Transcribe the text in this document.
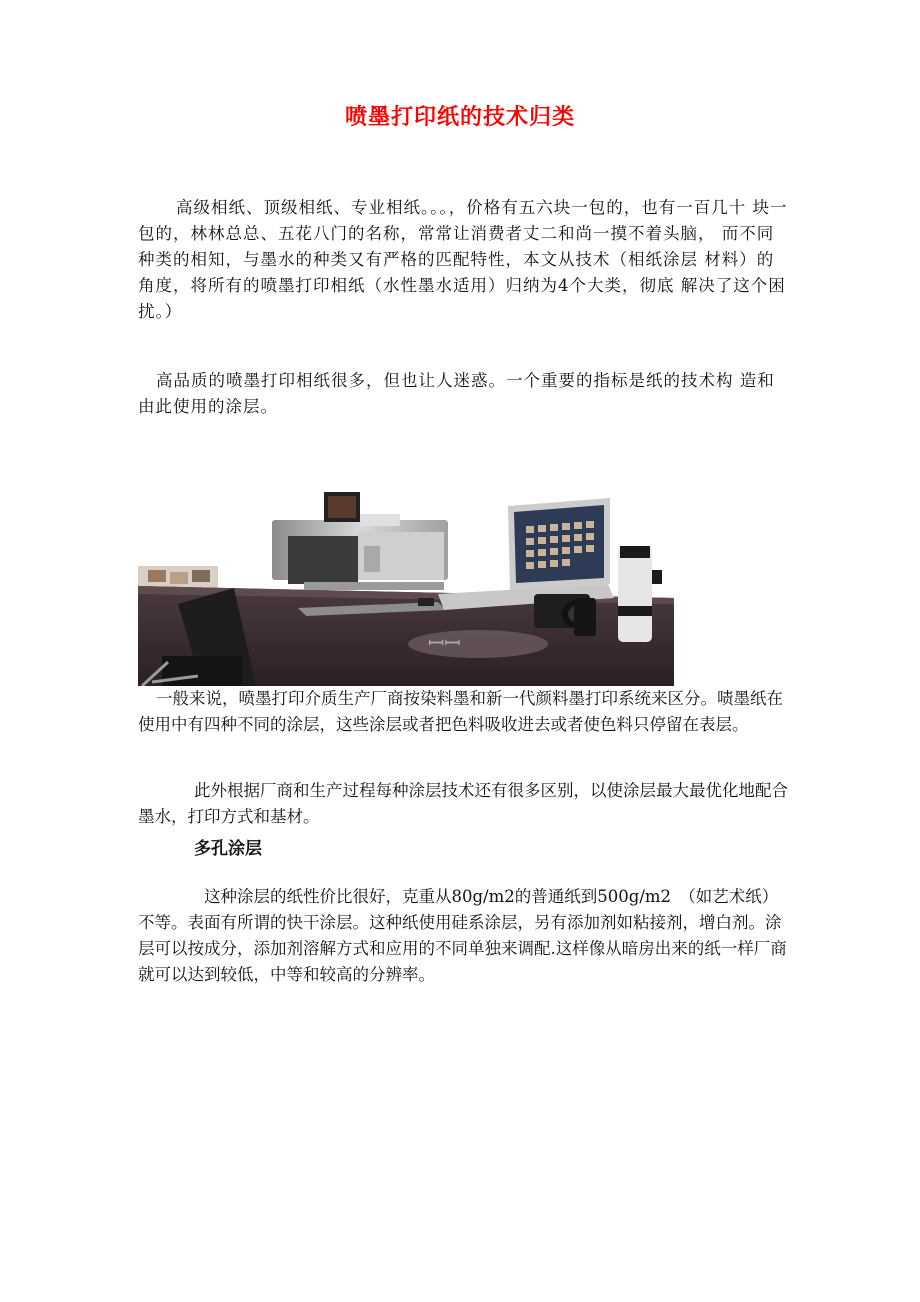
喷墨打印纸的技术归类
高级相纸、顶级相纸、专业相纸。。。，价格有五六块一包的，也有一百几十 块一包的，林林总总、五花八门的名称，常常让消费者丈二和尚一摸不着头脑， 而不同种类的相知，与墨水的种类又有严格的匹配特性，本文从技术（相纸涂层 材料）的角度，将所有的喷墨打印相纸（水性墨水适用）归纳为4个大类，彻底 解决了这个困扰。）
高品质的喷墨打印相纸很多，但也让人迷惑。一个重要的指标是纸的技术构 造和由此使用的涂层。
ꟷꟷ
一般来说，喷墨打印介质生产厂商按染料墨和新一代颜料墨打印系统来区分。啧墨纸在使用中有四种不同的涂层，这些涂层或者把色料吸收进去或者使色料只停留在表层。
此外根据厂商和生产过程每种涂层技术还有很多区别，以使涂层最大最优化地配合墨水，打印方式和基材。
多孔涂层
这种涂层的纸性价比很好，克重从80g/m2的普通纸到500g/m2　（如艺术纸）不等。表面有所谓的快干涂层。这种纸使用硅系涂层，另有添加剂如粘接剂，增白剂。涂层可以按成分，添加剂溶解方式和应用的不同单独来调配.这样像从暗房出来的纸一样厂商就可以达到较低，中等和较高的分辨率。
